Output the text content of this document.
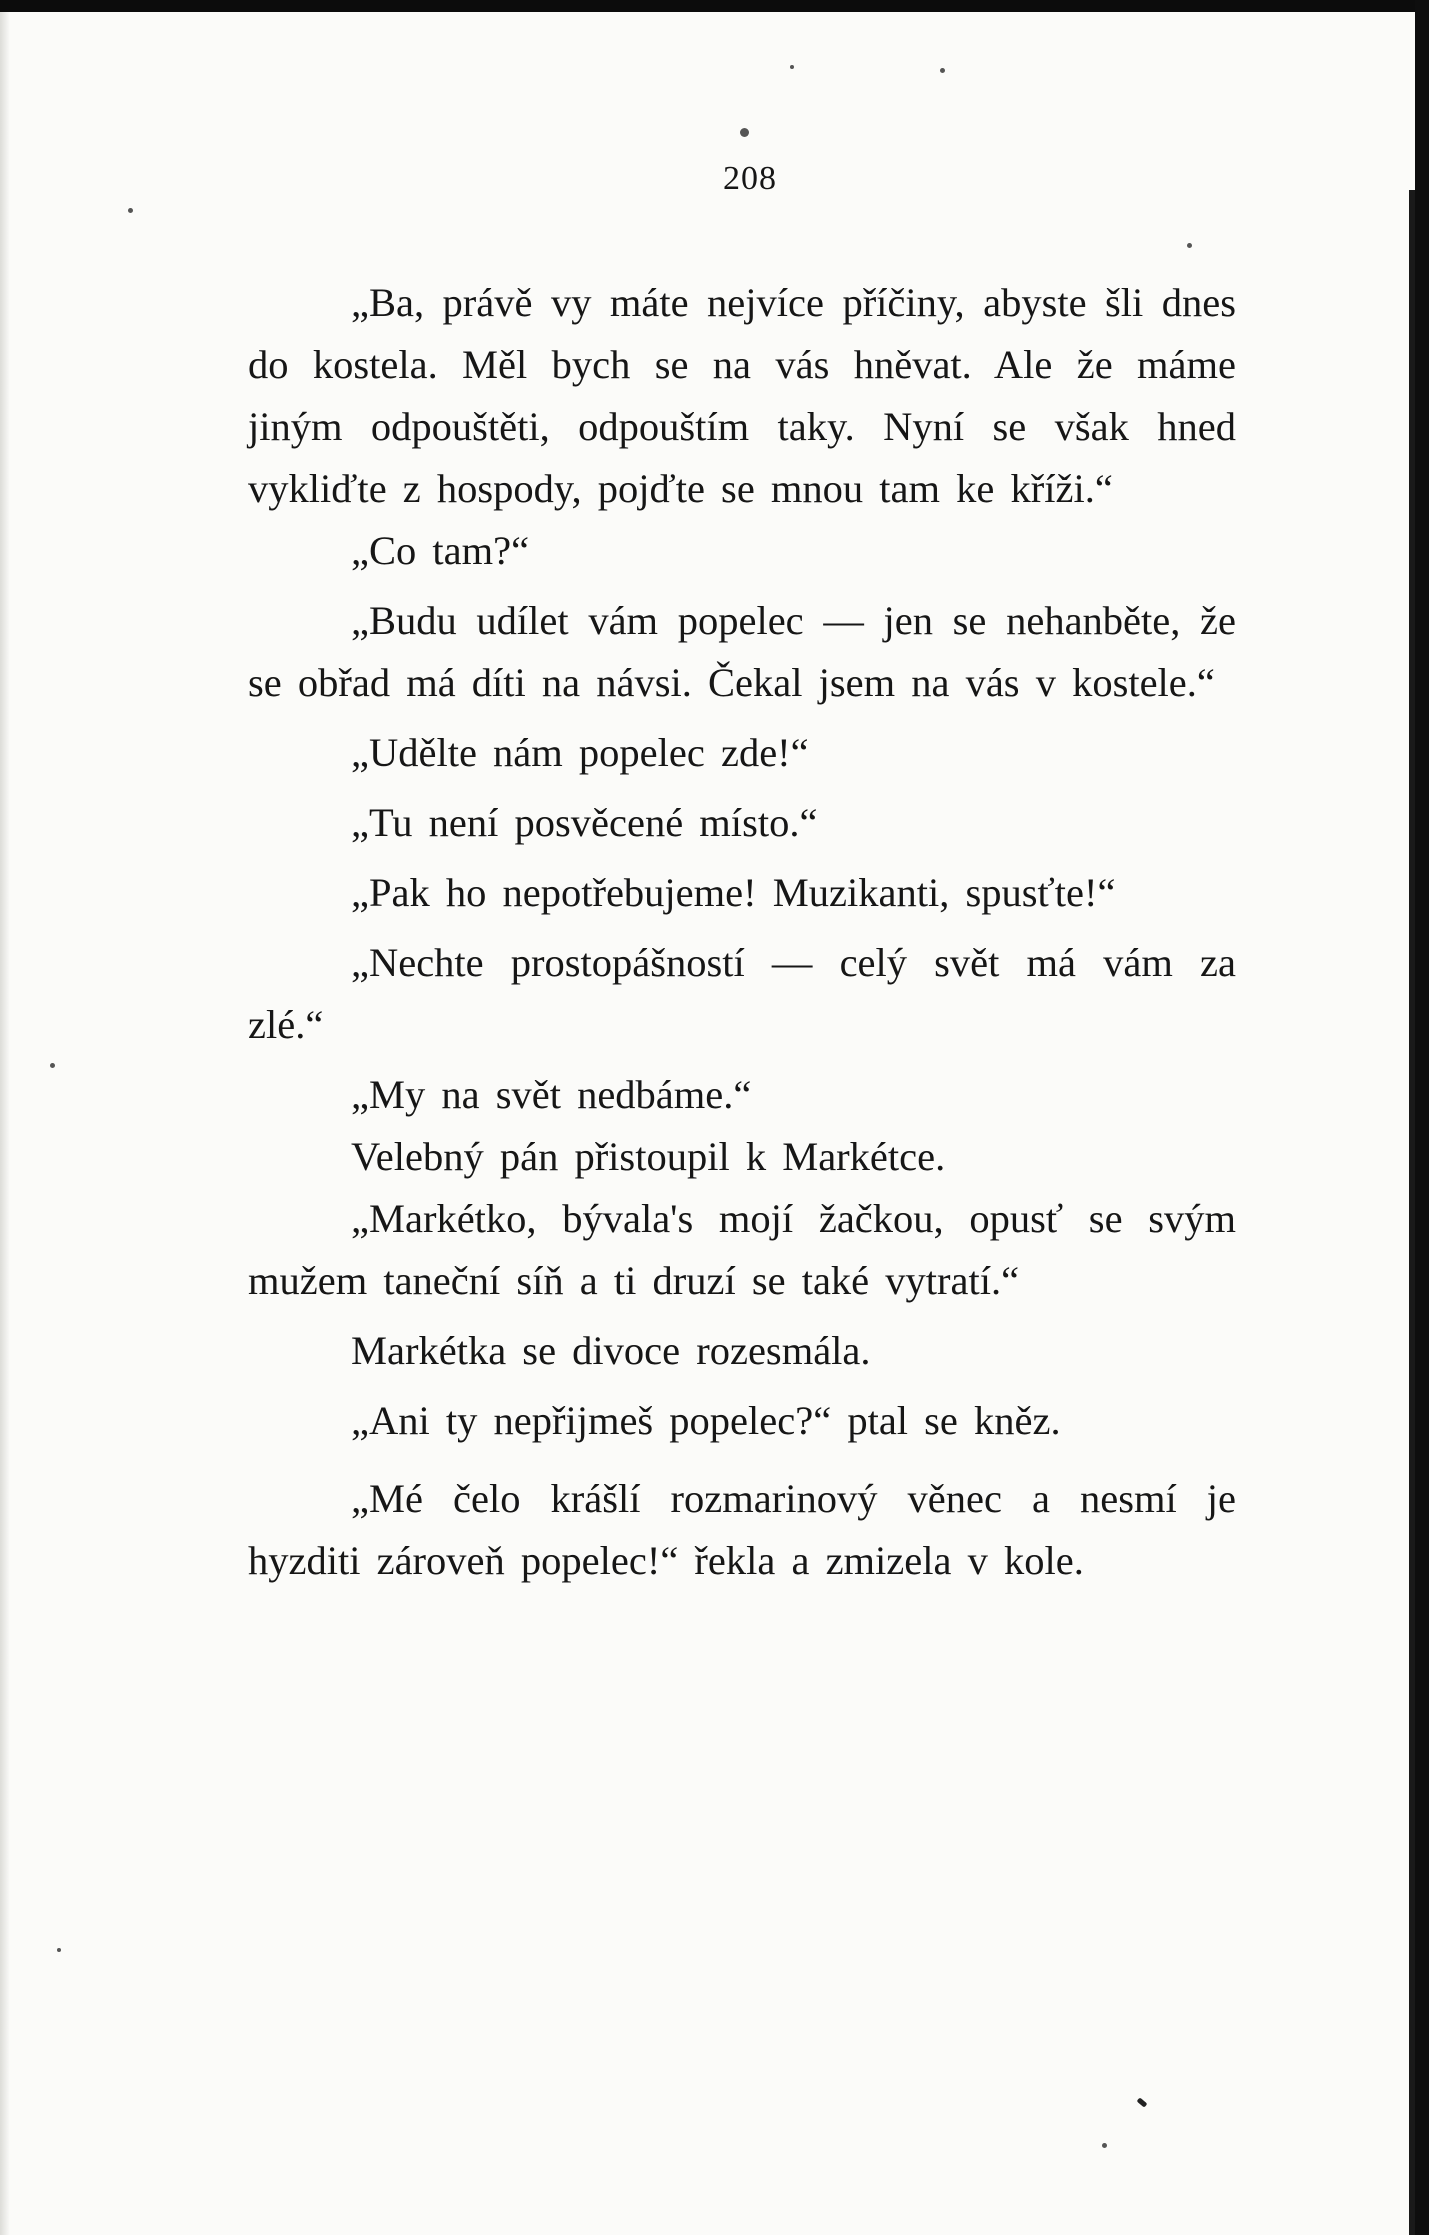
208

„Ba, právě vy máte nejvíce příčiny, abyste šli dnes do kostela. Měl bych se na vás hněvat. Ale že máme jiným odpouštěti, odpouštím taky. Nyní se však hned vykliďte z hospody, pojďte se mnou tam ke kříži.“

„Co tam?“

„Budu udílet vám popelec — jen se nehanběte, že se obřad má díti na návsi. Čekal jsem na vás v kostele.“

„Udělte nám popelec zde!“

„Tu není posvěcené místo.“

„Pak ho nepotřebujeme! Muzikanti, spusťte!“

„Nechte prostopášností — celý svět má vám za zlé.“

„My na svět nedbáme.“

Velebný pán přistoupil k Markétce.

„Markétko, bývala's mojí žačkou, opusť se svým mužem taneční síň a ti druzí se také vytratí.“

Markétka se divoce rozesmála.

„Ani ty nepřijmeš popelec?“ ptal se kněz.

„Mé čelo krášlí rozmarinový věnec a nesmí je hyzditi zároveň popelec!“ řekla a zmizela v kole.
